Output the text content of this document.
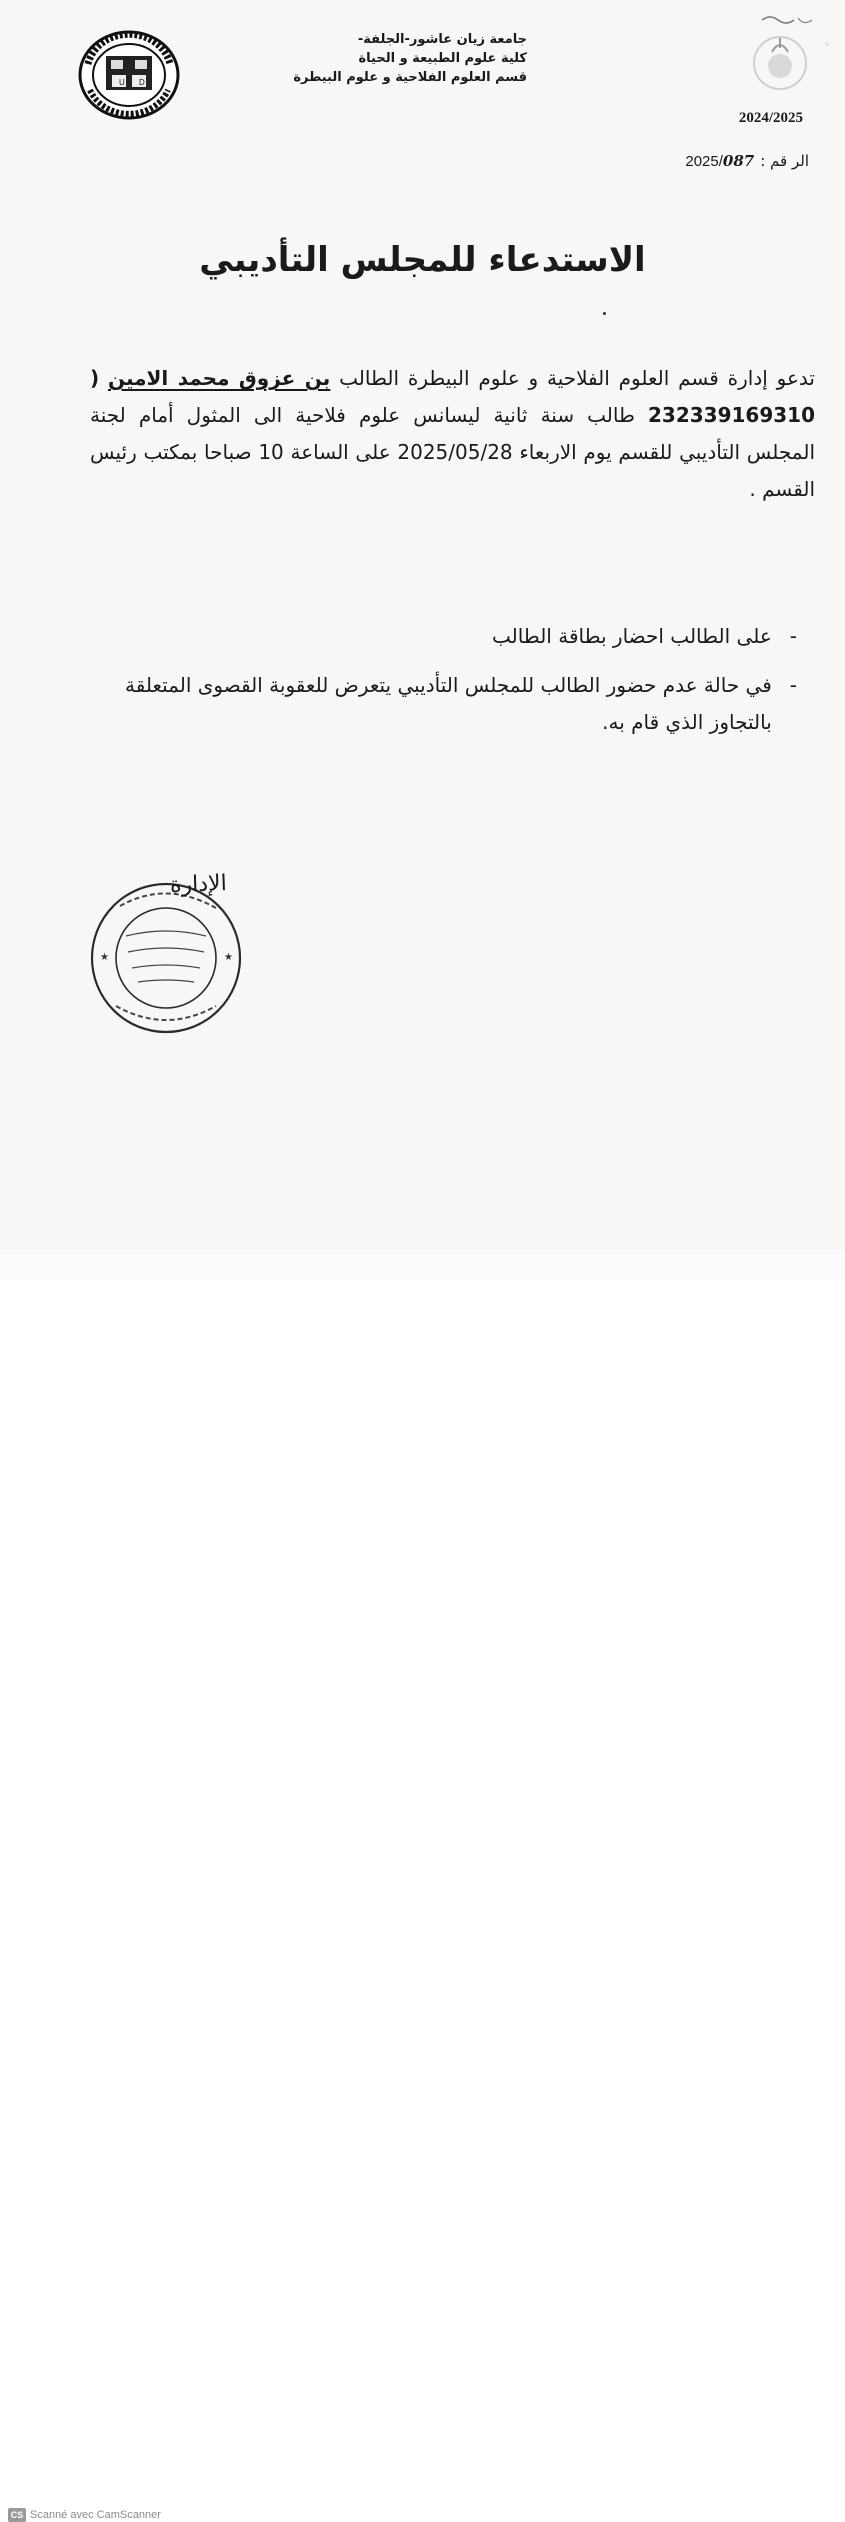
U D
◦
جامعة زيان عاشور-الجلفة-
كلية علوم الطبيعة و الحياة
قسم العلوم الفلاحية و علوم البيطرة
2024/2025
الر قم :
2025/087
الاستدعاء للمجلس التأديبي
تدعو إدارة قسم العلوم الفلاحية و علوم البيطرة الطالب بن عزوق محمد الامين ( 232339169310 طالب سنة ثانية ليسانس علوم فلاحية الى المثول أمام لجنة المجلس التأديبي للقسم يوم الاربعاء 2025/05/28 على الساعة 10 صباحا بمكتب رئيس القسم .
-
على الطالب احضار بطاقة الطالب
-
في حالة عدم حضور الطالب للمجلس التأديبي يتعرض للعقوبة القصوى المتعلقة بالتجاوز الذي قام به.
★	★
الإدارة
CS Scanné avec CamScanner
